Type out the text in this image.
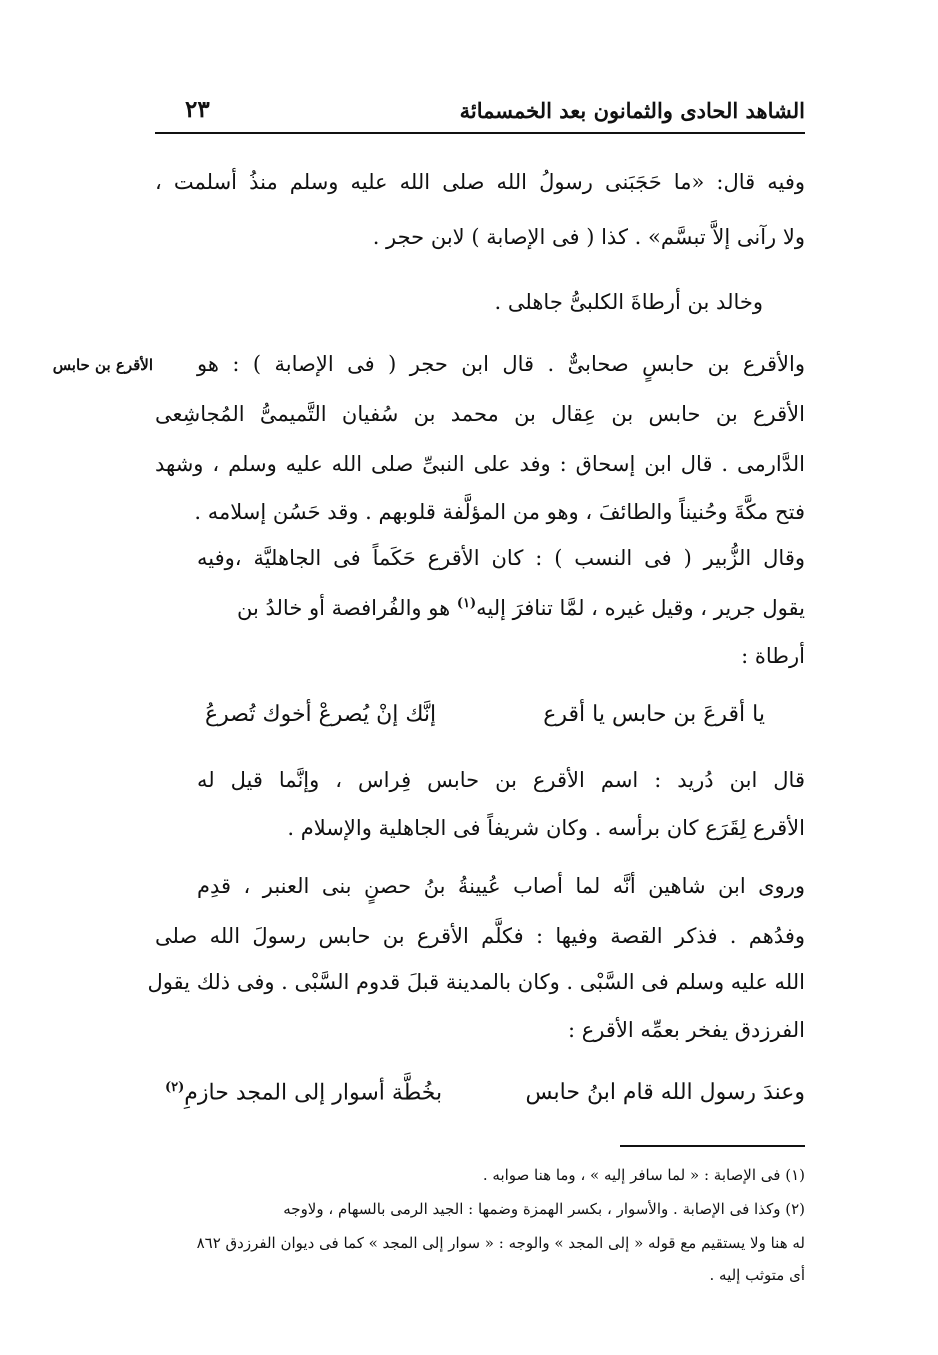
الشاهد الحادى والثمانون بعد الخمسمائة
٢٣
الأقرع بن حابس
وفيه قال: «ما حَجَبَنى رسولُ الله صلى الله عليه وسلم منذُ أسلمت ،
ولا رآنى إلاَّ تبسَّم» . كذا ( فى الإصابة ) لابن حجر .
وخالد بن أرطاةَ الكلبىُّ جاهلى .
والأقرع بن حابسٍ صحابىٌّ . قال ابن حجر ( فى الإصابة ) : هو
الأقرع بن حابس بن عِقال بن محمد بن سُفيان التَّميمىُّ المُجاشِعى
الدَّارمى . قال ابن إسحاق : وفد على النبىِّ صلى الله عليه وسلم ، وشهد
فتح مكَّةَ وحُنيناً والطائفَ ، وهو من المؤلَّفة قلوبهم . وقد حَسُن إسلامه .
وقال الزُّبير ( فى النسب ) : كان الأقرع حَكَماً فى الجاهليَّة ،وفيه
يقول جرير ، وقيل غيره ، لمَّا تنافرَ إليه$^{(١)}$ هو والفُرافصة أو خالدُ بن
أرطاة :
قال ابن دُريد : اسم الأقرع بن حابس فِراس ، وإنَّما قيل له
الأقرع لِقَرَع كان برأسه . وكان شريفاً فى الجاهلية والإسلام .
وروى ابن شاهين أنَّه لما أصاب عُيينةُ بنُ حصنٍ بنى العنبر ، قدِم
وفدُهم . فذكر القصة وفيها : فكلَّم الأقرع بن حابس رسولَ الله صلى
الله عليه وسلم فى السَّبْى . وكان بالمدينة قبلَ قدوم السَّبْى . وفى ذلك يقول
الفرزدق يفخر بعمِّه الأقرع :
يا أقرعَ بن حابس يا أقرع
إنَّك إنْ يُصرعْ أخوك تُصرعُ
وعندَ رسول الله قام ابنُ حابس
بخُطَّة أسوار إلى المجد حازمِ$^{(٢)}$
(١) فى الإصابة : « لما سافر إليه » ، وما هنا صوابه .
(٢) وكذا فى الإصابة . والأسوار ، بكسر الهمزة وضمها : الجيد الرمى بالسهام ، ولاوجه
له هنا ولا يستقيم مع قوله « إلى المجد » والوجه : « سوار إلى المجد » كما فى ديوان الفرزدق ٨٦٢
أى متوثب إليه .
